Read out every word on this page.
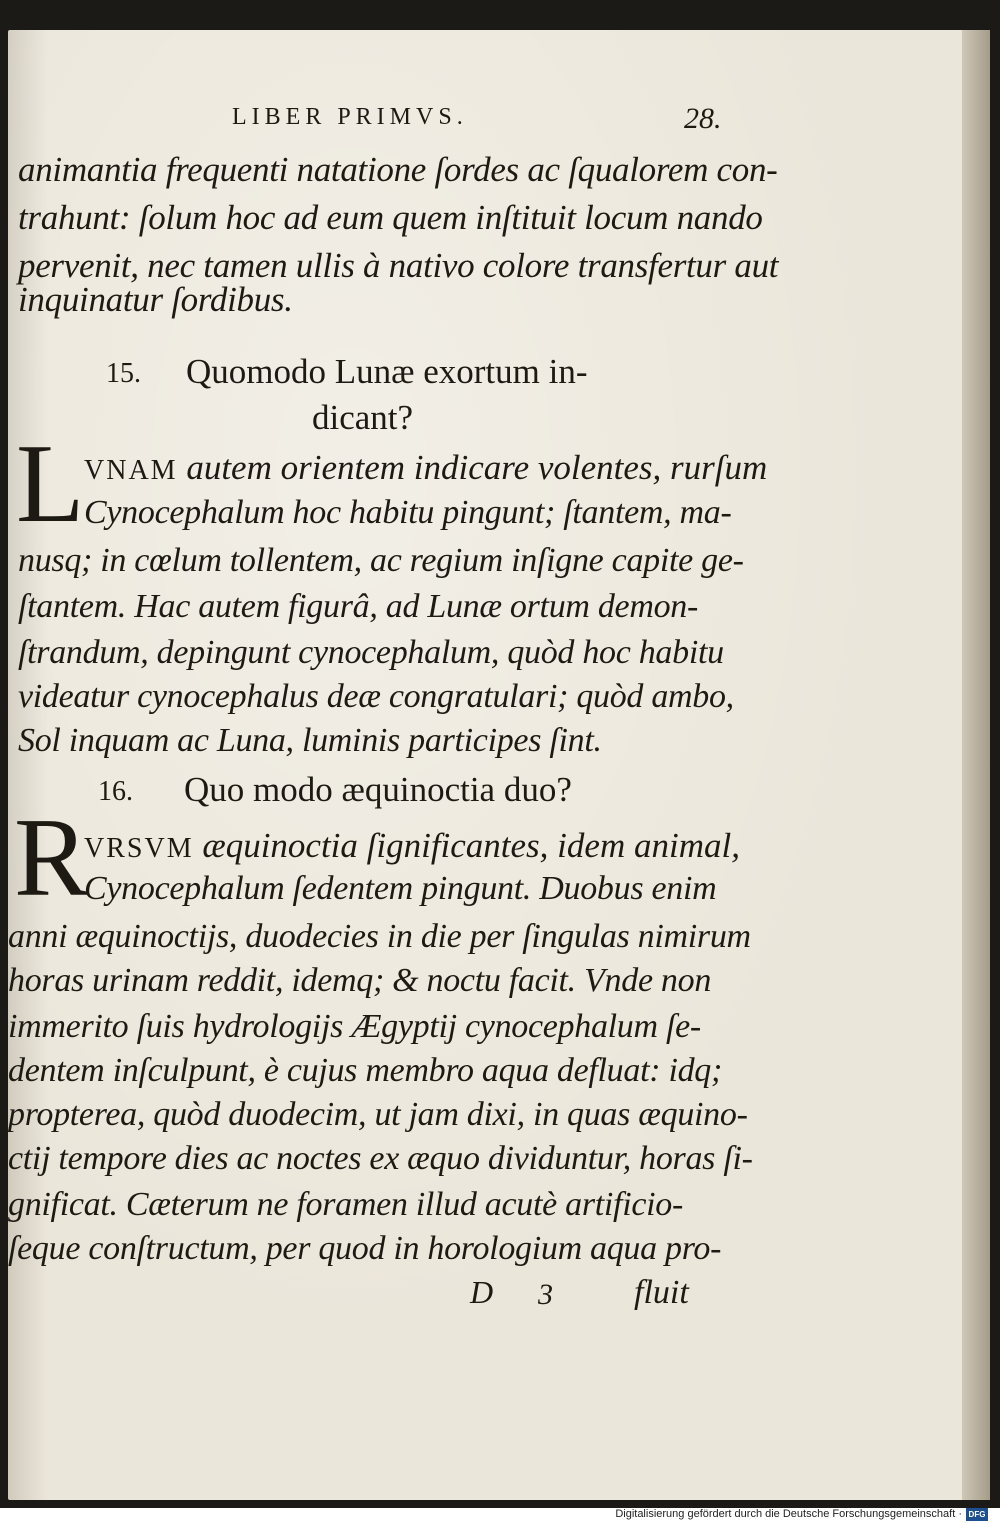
LIBER PRIMVS.	28.
animantia frequenti natatione ſordes ac ſqualorem con-
trahunt: ſolum hoc ad eum quem inſtituit locum nando
pervenit, nec tamen ullis à nativo colore transfertur aut
inquinatur ſordibus.
15. Quomodo Lunæ exortum in-
dicant?
L VNAM autem orientem indicare volentes, rurſum
Cynocephalum hoc habitu pingunt; ſtantem, ma-
nusq; in cœlum tollentem, ac regium inſigne capite ge-
ſtantem. Hac autem figurâ, ad Lunæ ortum demon-
ſtrandum, depingunt cynocephalum, quòd hoc habitu
videatur cynocephalus deæ congratulari; quòd ambo,
Sol inquam ac Luna, luminis participes ſint.
16. Quo modo æquinoctia duo?
R
VRSVM æquinoctia ſignificantes, idem animal,
Cynocephalum ſedentem pingunt. Duobus enim
anni æquinoctijs, duodecies in die per ſingulas nimirum
horas urinam reddit, idemq; & noctu facit. Vnde non
immerito ſuis hydrologijs Ægyptij cynocephalum ſe-
dentem inſculpunt, è cujus membro aqua defluat: idq;
propterea, quòd duodecim, ut jam dixi, in quas æquino-
ctij tempore dies ac noctes ex æquo dividuntur, horas ſi-
gnificat. Cæterum ne foramen illud acutè artificio-
ſeque conſtructum, per quod in horologium aqua pro-
D 3 fluit
Digitalisierung gefördert durch die Deutsche Forschungsgemeinschaft · DFG
